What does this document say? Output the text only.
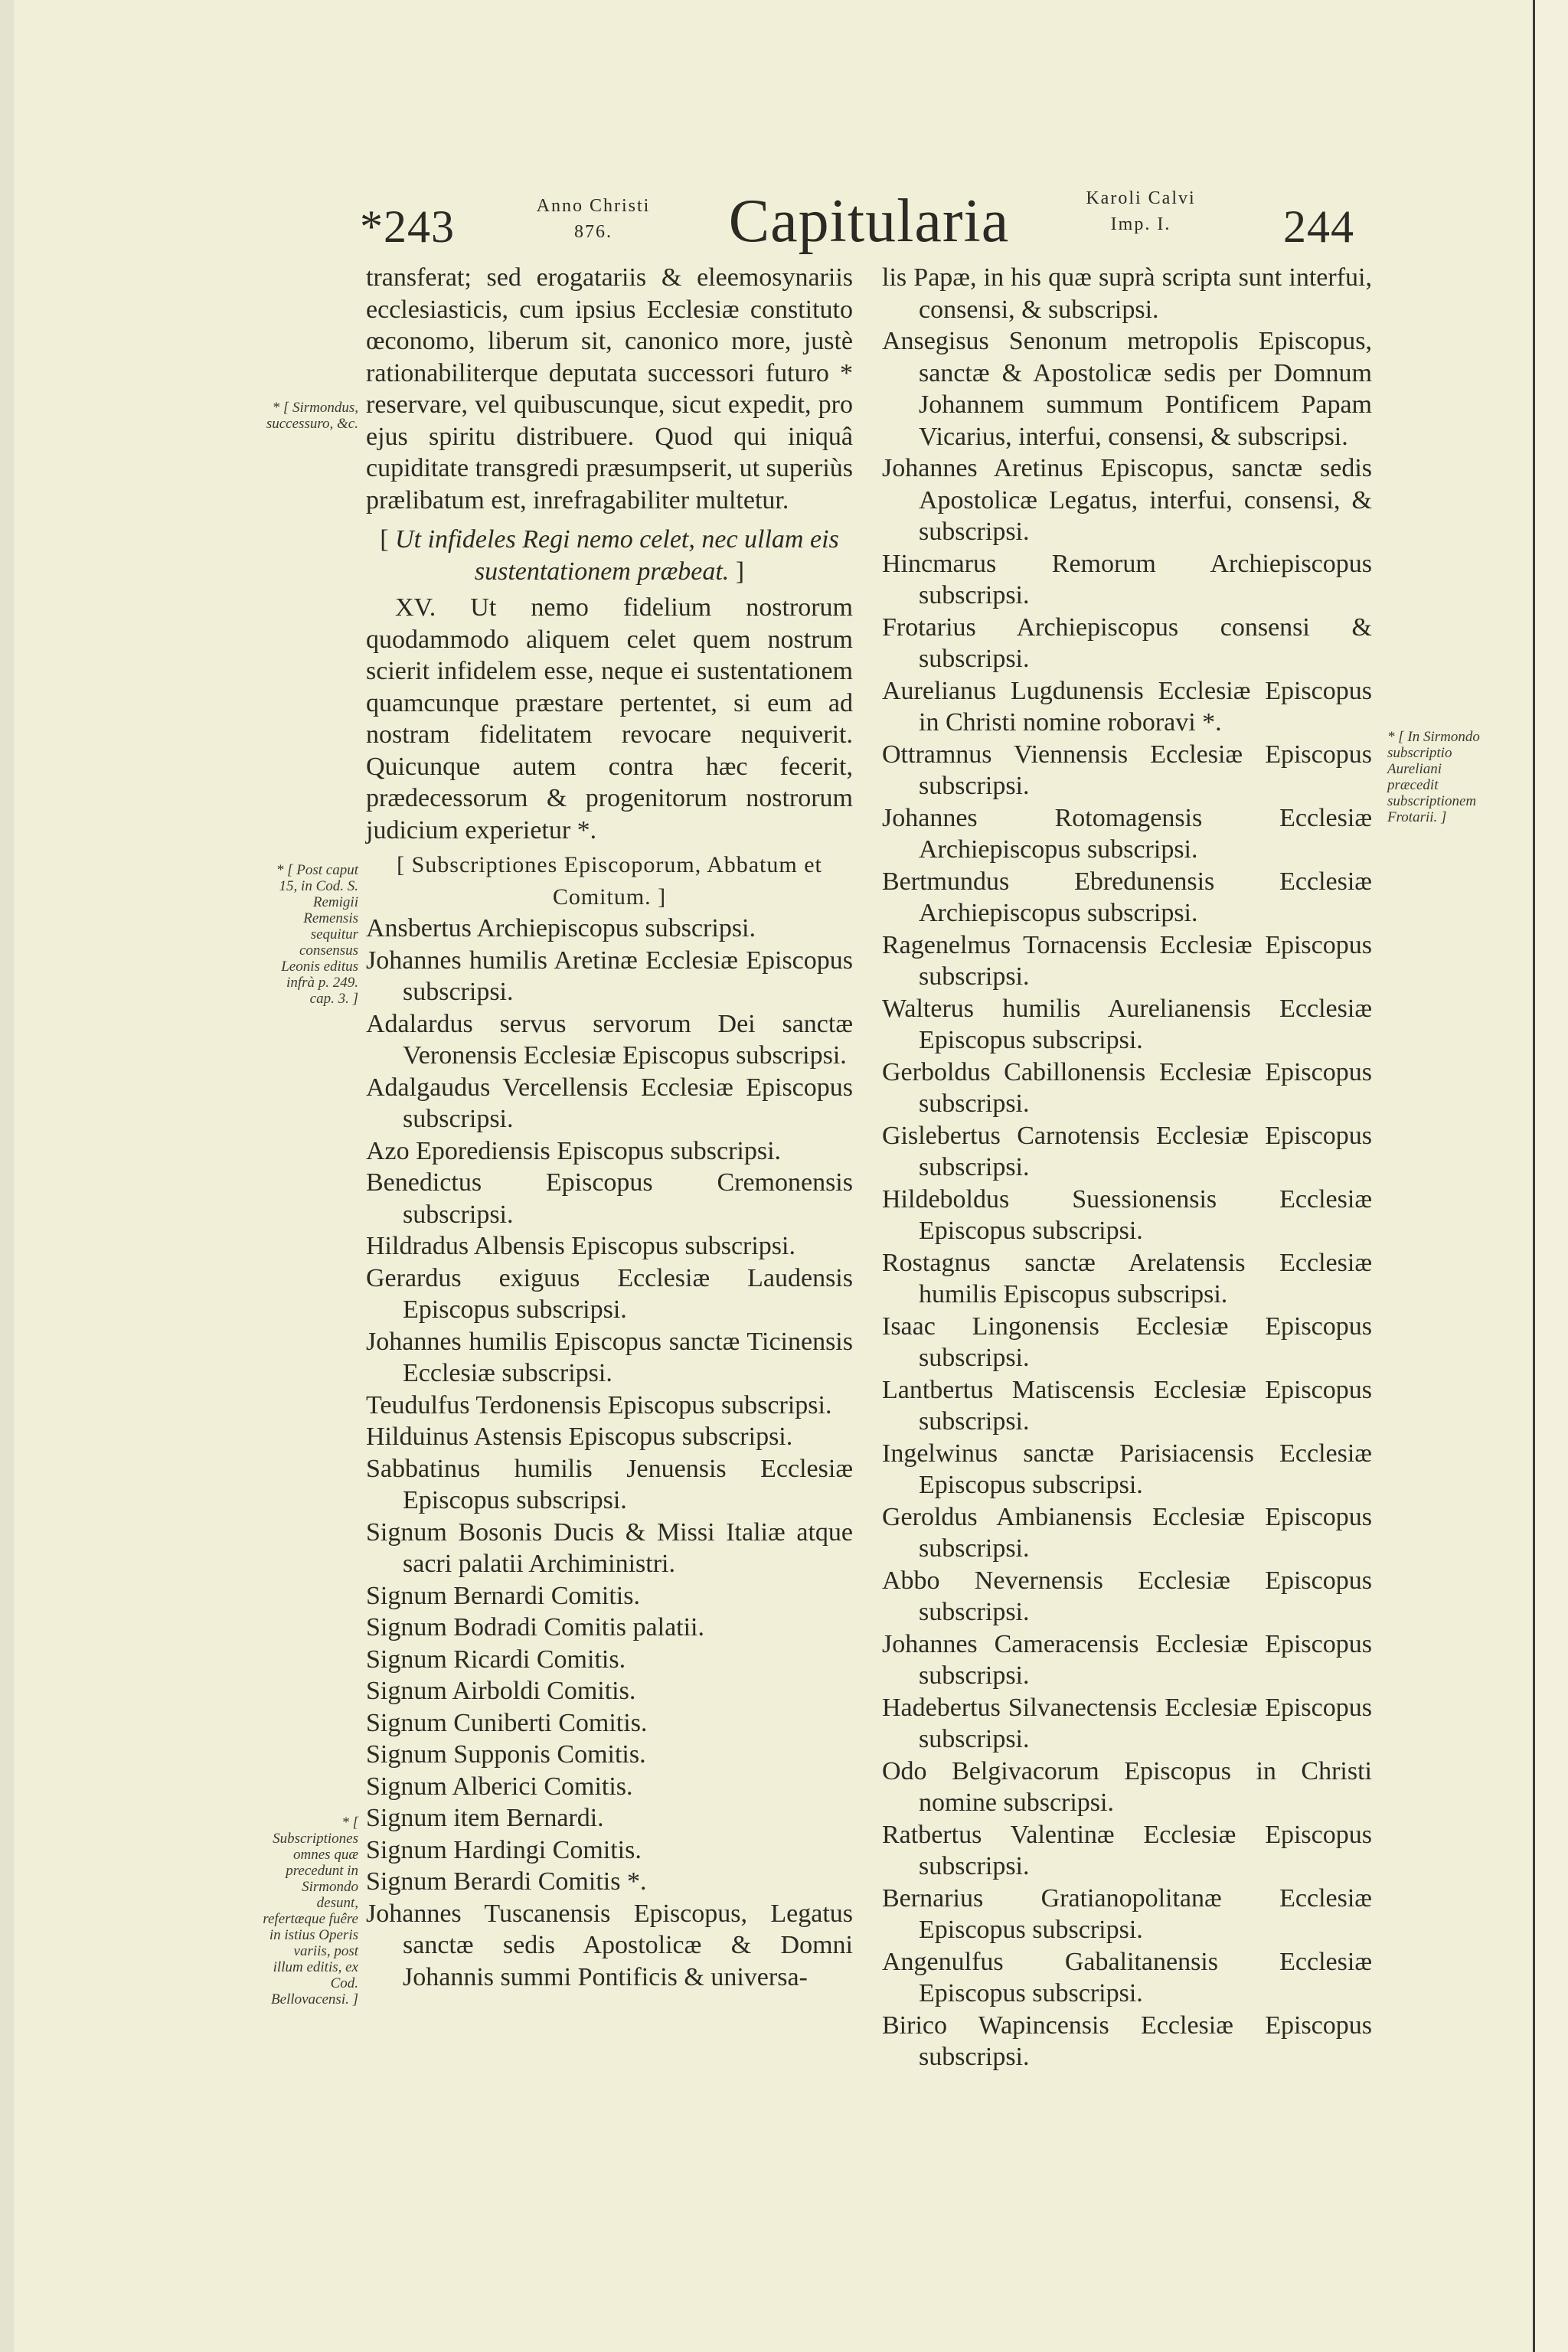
*243	Anno Christi
876.	Capitularia	Karoli Calvi
Imp. I.	244

transferat; sed erogatariis & eleemosynariis ecclesiasticis, cum ipsius Ecclesiæ constituto œconomo, liberum sit, canonico more, justè rationabiliterque deputata successori futuro * reservare, vel quibuscunque, sicut expedit, pro ejus spiritu distribuere. Quod qui iniquâ cupiditate transgredi præsumpserit, ut superiùs prælibatum est, inrefragabiliter multetur.

[ Ut infideles Regi nemo celet, nec ullam eis sustentationem præbeat. ]

XV. Ut nemo fidelium nostrorum quodammodo aliquem celet quem nostrum scierit infidelem esse, neque ei sustentationem quamcunque præstare pertentet, si eum ad nostram fidelitatem revocare nequiverit. Quicunque autem contra hæc fecerit, prædecessorum & progenitorum nostrorum judicium experietur *.

[ Subscriptiones Episcoporum, Abbatum et Comitum. ]

Ansbertus Archiepiscopus subscripsi.

Johannes humilis Aretinæ Ecclesiæ Episcopus subscripsi.

Adalardus servus servorum Dei sanctæ Veronensis Ecclesiæ Episcopus subscripsi.

Adalgaudus Vercellensis Ecclesiæ Episcopus subscripsi.

Azo Eporediensis Episcopus subscripsi.

Benedictus Episcopus Cremonensis subscripsi.

Hildradus Albensis Episcopus subscripsi.

Gerardus exiguus Ecclesiæ Laudensis Episcopus subscripsi.

Johannes humilis Episcopus sanctæ Ticinensis Ecclesiæ subscripsi.

Teudulfus Terdonensis Episcopus subscripsi.

Hilduinus Astensis Episcopus subscripsi.

Sabbatinus humilis Jenuensis Ecclesiæ Episcopus subscripsi.

Signum Bosonis Ducis & Missi Italiæ atque sacri palatii Archiministri.

Signum Bernardi Comitis.

Signum Bodradi Comitis palatii.

Signum Ricardi Comitis.

Signum Airboldi Comitis.

Signum Cuniberti Comitis.

Signum Supponis Comitis.

Signum Alberici Comitis.

Signum item Bernardi.

Signum Hardingi Comitis.

Signum Berardi Comitis *.

Johannes Tuscanensis Episcopus, Legatus sanctæ sedis Apostolicæ & Domni Johannis summi Pontificis & universa-

lis Papæ, in his quæ suprà scripta sunt interfui, consensi, & subscripsi.

Ansegisus Senonum metropolis Episcopus, sanctæ & Apostolicæ sedis per Domnum Johannem summum Pontificem Papam Vicarius, interfui, consensi, & subscripsi.

Johannes Aretinus Episcopus, sanctæ sedis Apostolicæ Legatus, interfui, consensi, & subscripsi.

Hincmarus Remorum Archiepiscopus subscripsi.

Frotarius Archiepiscopus consensi & subscripsi.

Aurelianus Lugdunensis Ecclesiæ Episcopus in Christi nomine roboravi *.

Ottramnus Viennensis Ecclesiæ Episcopus subscripsi.

Johannes Rotomagensis Ecclesiæ Archiepiscopus subscripsi.

Bertmundus Ebredunensis Ecclesiæ Archiepiscopus subscripsi.

Ragenelmus Tornacensis Ecclesiæ Episcopus subscripsi.

Walterus humilis Aurelianensis Ecclesiæ Episcopus subscripsi.

Gerboldus Cabillonensis Ecclesiæ Episcopus subscripsi.

Gislebertus Carnotensis Ecclesiæ Episcopus subscripsi.

Hildeboldus Suessionensis Ecclesiæ Episcopus subscripsi.

Rostagnus sanctæ Arelatensis Ecclesiæ humilis Episcopus subscripsi.

Isaac Lingonensis Ecclesiæ Episcopus subscripsi.

Lantbertus Matiscensis Ecclesiæ Episcopus subscripsi.

Ingelwinus sanctæ Parisiacensis Ecclesiæ Episcopus subscripsi.

Geroldus Ambianensis Ecclesiæ Episcopus subscripsi.

Abbo Nevernensis Ecclesiæ Episcopus subscripsi.

Johannes Cameracensis Ecclesiæ Episcopus subscripsi.

Hadebertus Silvanectensis Ecclesiæ Episcopus subscripsi.

Odo Belgivacorum Episcopus in Christi nomine subscripsi.

Ratbertus Valentinæ Ecclesiæ Episcopus subscripsi.

Bernarius Gratianopolitanæ Ecclesiæ Episcopus subscripsi.

Angenulfus Gabalitanensis Ecclesiæ Episcopus subscripsi.

Birico Wapincensis Ecclesiæ Episcopus subscripsi.

* [ Sirmondus, successuro, &c.
* [ Post caput 15, in Cod. S. Remigii Remensis sequitur consensus Leonis editus infrà p. 249. cap. 3. ]
* [ Subscriptiones omnes quæ precedunt in Sirmondo desunt, refertæque fuêre in istius Operis variis, post illum editis, ex Cod. Bellovacensi. ]
* [ In Sirmondo subscriptio Aureliani præcedit subscriptionem Frotarii. ]
